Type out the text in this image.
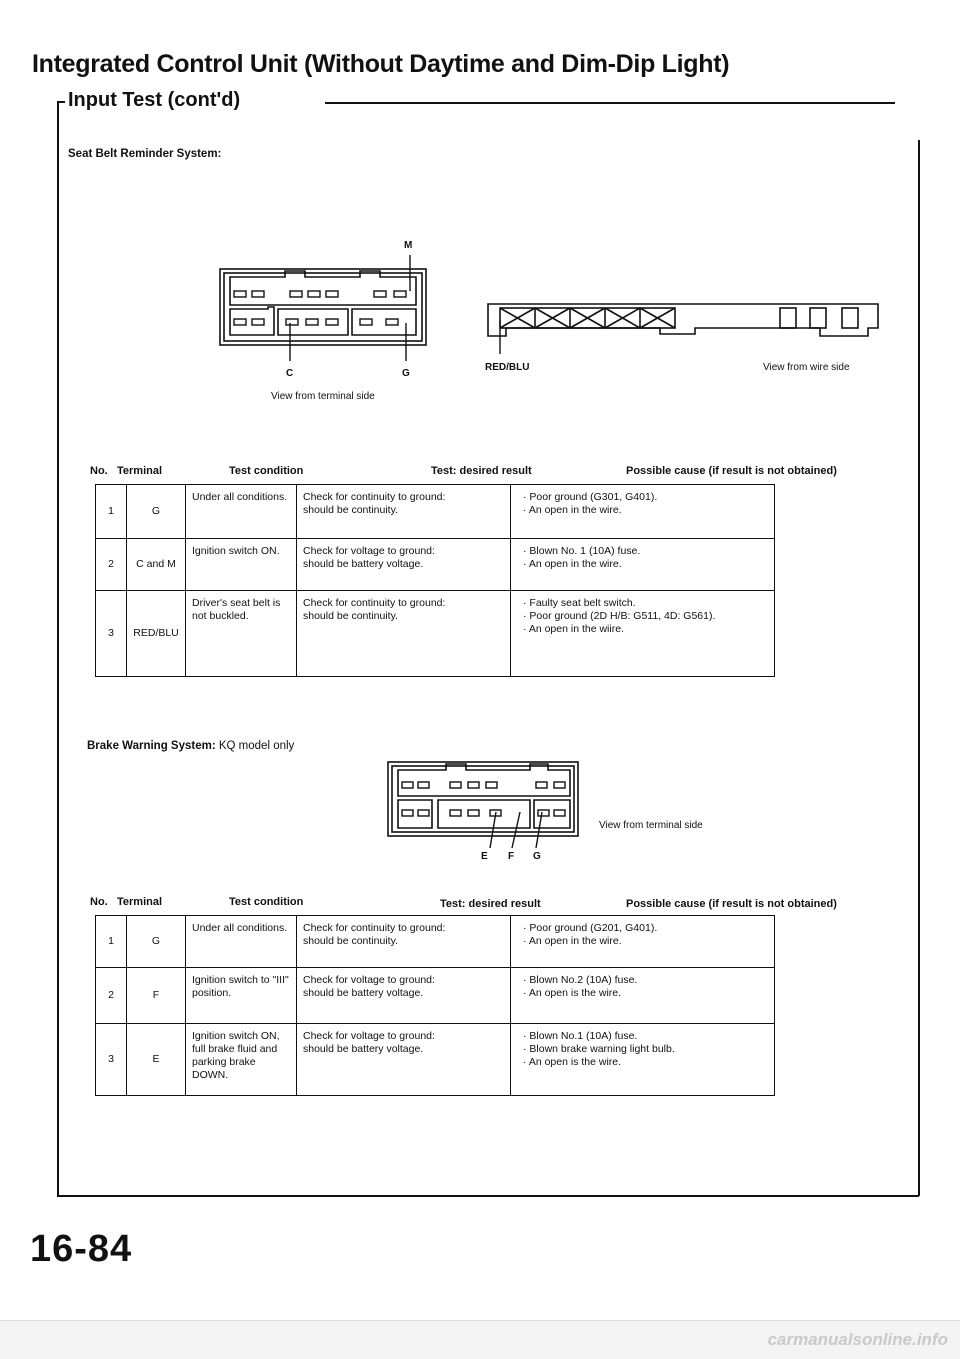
Integrated Control Unit (Without Daytime and Dim-Dip Light)
Input Test (cont'd)
Seat Belt Reminder System:
M
C	G
View from terminal side
RED/BLU	View from wire side
No. Terminal	Test condition	Test: desired result	Possible cause (if result is not obtained)
1	G	Under all conditions.	Check for continuity to ground:
should be continuity.	· Poor ground (G301, G401).
· An open in the wire.

2	C and M	Ignition switch ON.	Check for voltage to ground:
should be battery voltage.	· Blown No. 1 (10A) fuse.
· An open in the wire.

3	RED/BLU	Driver's seat belt is not buckled.	Check for continuity to ground:
should be continuity.	· Faulty seat belt switch.
· Poor ground (2D H/B: G511, 4D: G561).
· An open in the wiire.
Brake Warning System: KQ model only
E F G
View from terminal side
No. Terminal	Test condition	Test: desired result	Possible cause (if result is not obtained)
1	G	Under all conditions.	Check for continuity to ground:
should be continuity.	· Poor ground (G201, G401).
· An open in the wire.

2	F	Ignition switch to "III" position.	Check for voltage to ground:
should be battery voltage.	· Blown No.2 (10A) fuse.
· An open is the wire.

3	E	Ignition switch ON, full brake fluid and parking brake DOWN.	Check for voltage to ground:
should be battery voltage.	· Blown No.1 (10A) fuse.
· Blown brake warning light bulb.
· An open is the wire.
16-84
carmanualsonline.info
